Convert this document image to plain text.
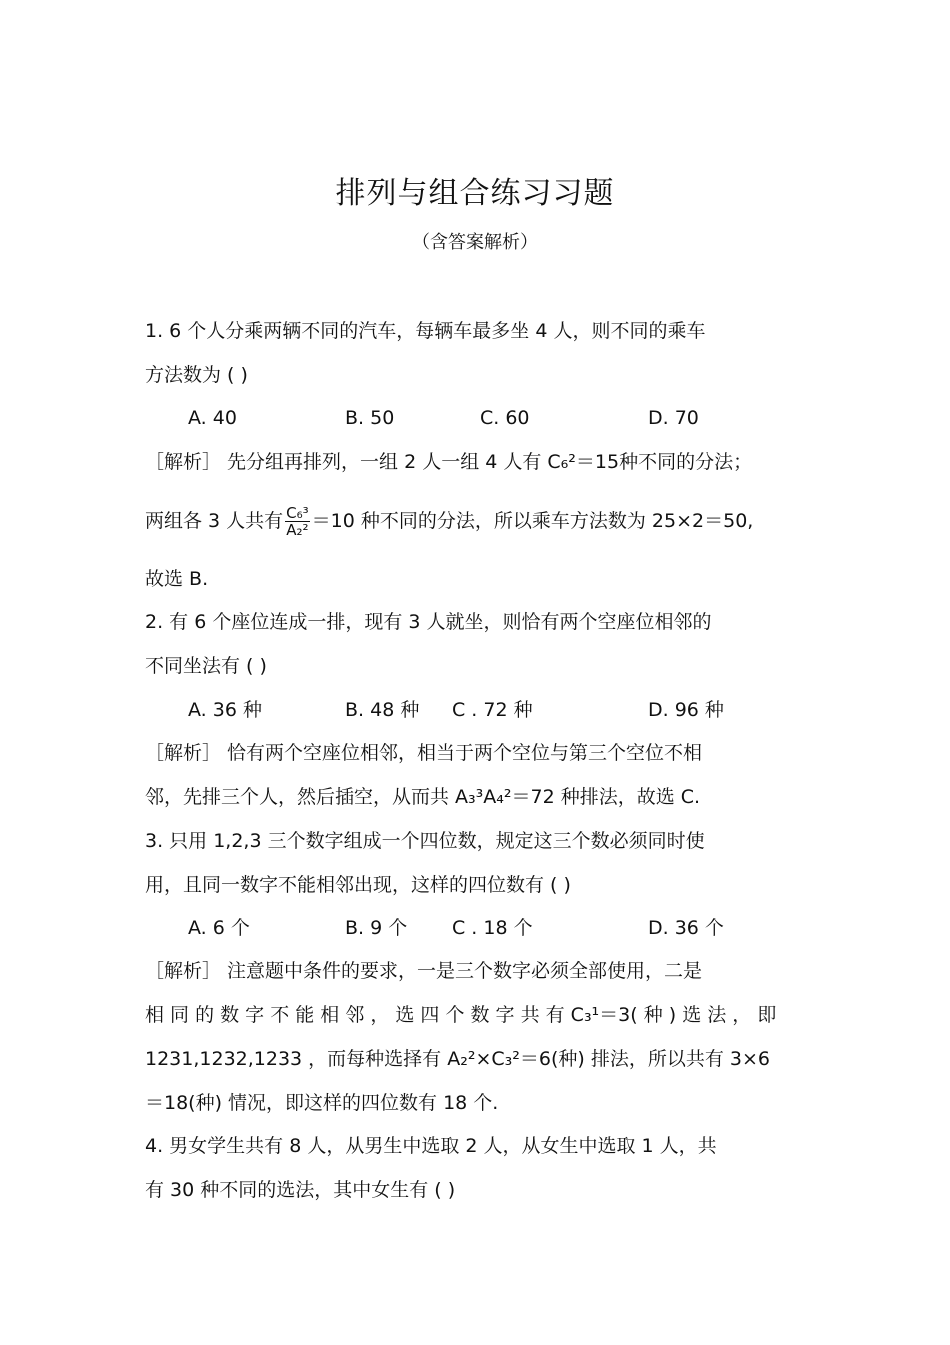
排列与组合练习习题
（含答案解析）
1. 6 个人分乘两辆不同的汽车，每辆车最多坐 4 人，则不同的乘车
方法数为 ( )
A. 40	B. 50	C. 60	D. 70
［解析］ 先分组再排列，一组 2 人一组 4 人有 C₆²＝15种不同的分法；
两组各 3 人共有 $\frac{\text{C₆³}}{\text{A₂²}} =10$ 种不同的分法，所以乘车方法数为 25×2＝50,
故选 B.
2. 有 6 个座位连成一排，现有 3 人就坐，则恰有两个空座位相邻的
不同坐法有 ( )
A. 36 种	B. 48 种 C . 72 种	D. 96 种
［解析］ 恰有两个空座位相邻，相当于两个空位与第三个空位不相
邻，先排三个人，然后插空，从而共 A₃³A₄²＝72 种排法，故选 C.
3. 只用 1,2,3 三个数字组成一个四位数，规定这三个数必须同时使
用，且同一数字不能相邻出现，这样的四位数有 ( )
A. 6 个	B. 9 个 C . 18 个	D. 36 个
［解析］ 注意题中条件的要求，一是三个数字必须全部使用，二是
相 同 的 数 字 不 能 相 邻 ， 选 四 个 数 字 共 有 C₃¹＝3( 种 ) 选 法 ， 即
1231,1232,1233 ，而每种选择有 A₂²×C₃²＝6(种) 排法，所以共有 3×6
＝18(种) 情况，即这样的四位数有 18 个.
4. 男女学生共有 8 人，从男生中选取 2 人，从女生中选取 1 人，共
有 30 种不同的选法，其中女生有 ( )
